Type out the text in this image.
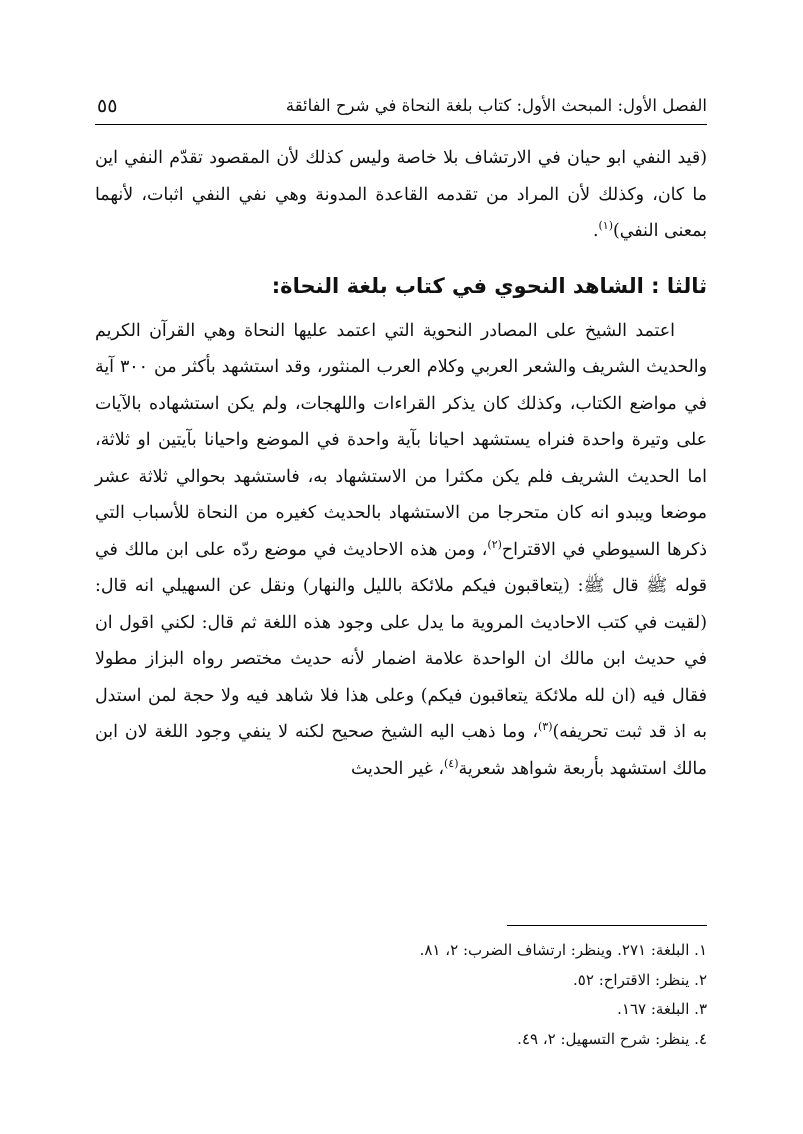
الفصل الأول: المبحث الأول: كتاب بلغة النحاة في شرح الفائقة
٥٥

(قيد النفي ابو حيان في الارتشاف بلا خاصة وليس كذلك لأن المقصود تقدّم النفي اين ما كان، وكذلك لأن المراد من تقدمه القاعدة المدونة وهي نفي النفي اثبات، لأنهما بمعنى النفي)$^{(١)}$.

ثالثا : الشاهد النحوي في كتاب بلغة النحاة:

اعتمد الشيخ على المصادر النحوية التي اعتمد عليها النحاة وهي القرآن الكريم والحديث الشريف والشعر العربي وكلام العرب المنثور، وقد استشهد بأكثر من ٣٠٠ آية في مواضع الكتاب، وكذلك كان يذكر القراءات واللهجات، ولم يكن استشهاده بالآيات على وتيرة واحدة فنراه يستشهد احيانا بآية واحدة في الموضع واحيانا بآيتين او ثلاثة، اما الحديث الشريف فلم يكن مكثرا من الاستشهاد به، فاستشهد بحوالي ثلاثة عشر موضعا ويبدو انه كان متحرجا من الاستشهاد بالحديث كغيره من النحاة للأسباب التي ذكرها السيوطي في الاقتراح$^{(٢)}$، ومن هذه الاحاديث في موضع ردّه على ابن مالك في قوله ﷺ قال ﷺ: (يتعاقبون فيكم ملائكة بالليل والنهار) ونقل عن السهيلي انه قال: (لقيت في كتب الاحاديث المروية ما يدل على وجود هذه اللغة ثم قال: لكني اقول ان في حديث ابن مالك ان الواحدة علامة اضمار لأنه حديث مختصر رواه البزاز مطولا فقال فيه (ان لله ملائكة يتعاقبون فيكم) وعلى هذا فلا شاهد فيه ولا حجة لمن استدل به اذ قد ثبت تحريفه)$^{(٣)}$، وما ذهب اليه الشيخ صحيح لكنه لا ينفي وجود اللغة لان ابن مالك استشهد بأربعة شواهد شعرية$^{(٤)}$، غير الحديث

١. البلغة: ٢٧١. وينظر: ارتشاف الضرب: ٢، ٨١.
٢. ينظر: الاقتراح: ٥٢.
٣. البلغة: ١٦٧.
٤. ينظر: شرح التسهيل: ٢، ٤٩.
